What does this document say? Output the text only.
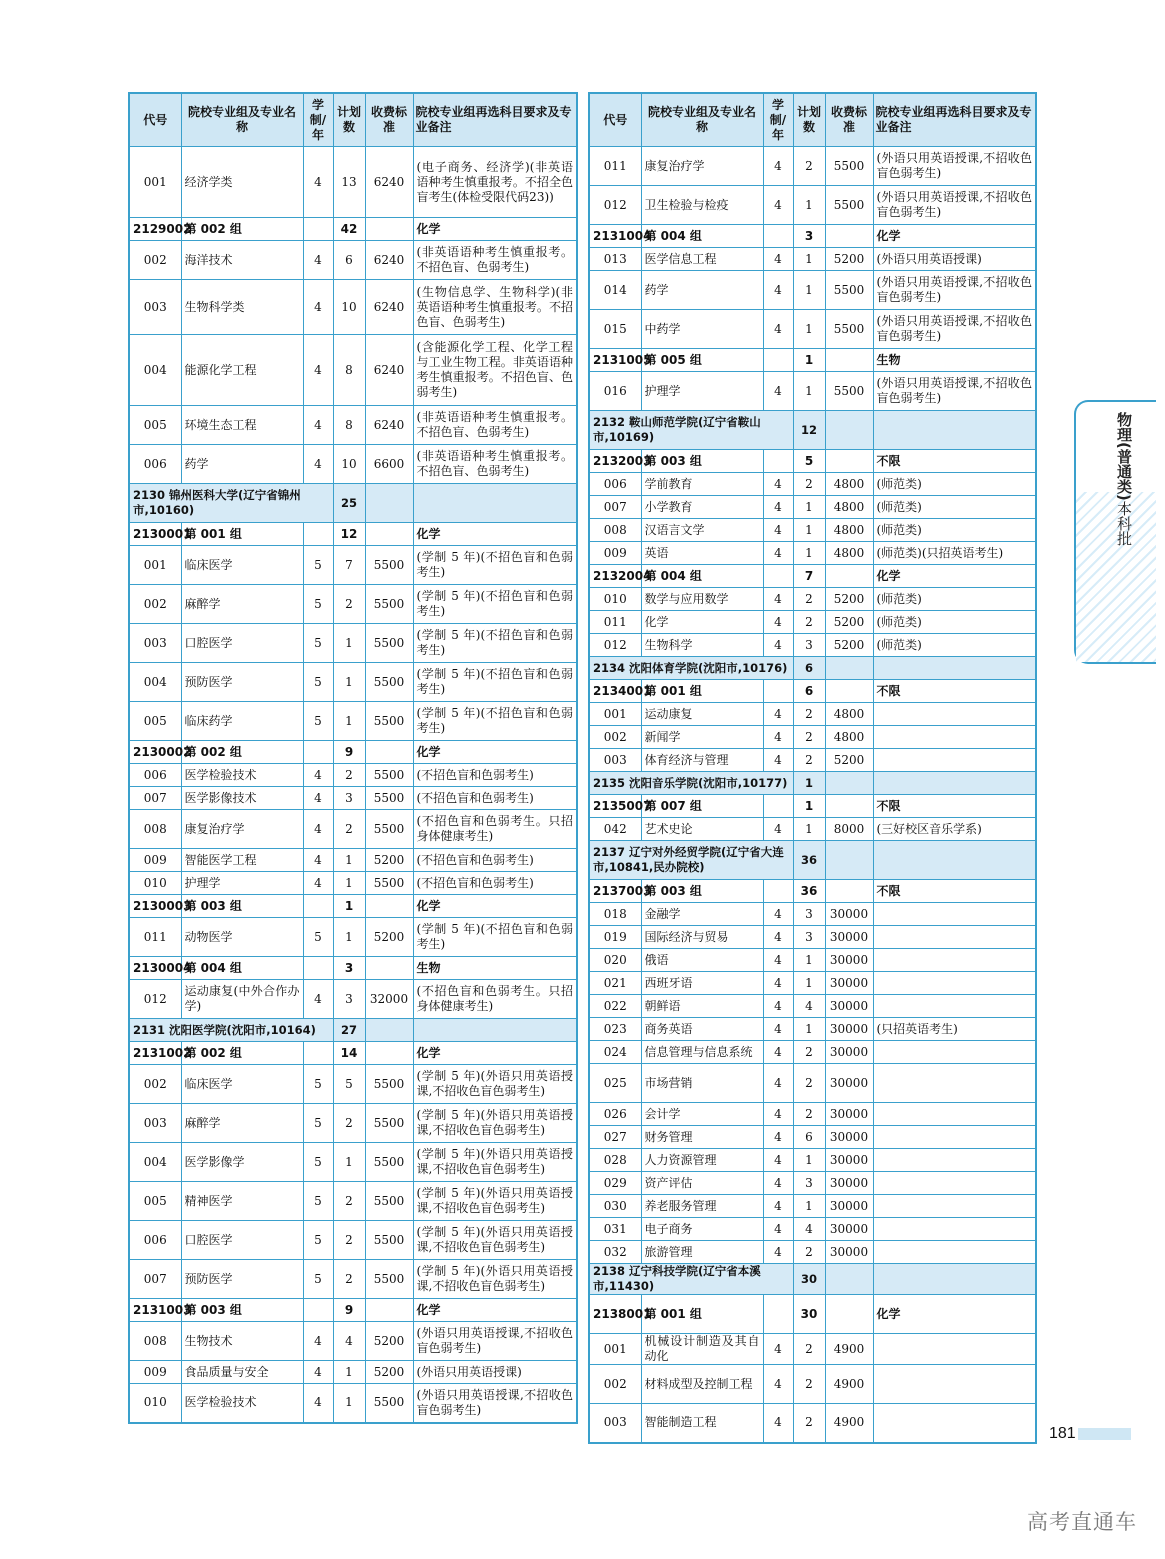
代号	院校专业组及专业名称	学制/年	计划数	收费标准	院校专业组再选科目要求及专业备注
001	经济学类	4	13	6240	(电子商务、经济学)(非英语语种考生慎重报考。不招全色盲考生(体检受限代码23))
2129002	第 002 组		42		化学
002	海洋技术	4	6	6240	(非英语语种考生慎重报考。不招色盲、色弱考生)
003	生物科学类	4	10	6240	(生物信息学、生物科学)(非英语语种考生慎重报考。不招色盲、色弱考生)
004	能源化学工程	4	8	6240	(含能源化学工程、化学工程与工业生物工程。非英语语种考生慎重报考。不招色盲、色弱考生)
005	环境生态工程	4	8	6240	(非英语语种考生慎重报考。不招色盲、色弱考生)
006	药学	4	10	6600	(非英语语种考生慎重报考。不招色盲、色弱考生)
2130 锦州医科大学(辽宁省锦州市,10160)			25		
2130001	第 001 组		12		化学
001	临床医学	5	7	5500	(学制 5 年)(不招色盲和色弱考生)
002	麻醉学	5	2	5500	(学制 5 年)(不招色盲和色弱考生)
003	口腔医学	5	1	5500	(学制 5 年)(不招色盲和色弱考生)
004	预防医学	5	1	5500	(学制 5 年)(不招色盲和色弱考生)
005	临床药学	5	1	5500	(学制 5 年)(不招色盲和色弱考生)
2130002	第 002 组		9		化学
006	医学检验技术	4	2	5500	(不招色盲和色弱考生)
007	医学影像技术	4	3	5500	(不招色盲和色弱考生)
008	康复治疗学	4	2	5500	(不招色盲和色弱考生。只招身体健康考生)
009	智能医学工程	4	1	5200	(不招色盲和色弱考生)
010	护理学	4	1	5500	(不招色盲和色弱考生)
2130003	第 003 组		1		化学
011	动物医学	5	1	5200	(学制 5 年)(不招色盲和色弱考生)
2130004	第 004 组		3		生物
012	运动康复(中外合作办学)	4	3	32000	(不招色盲和色弱考生。只招身体健康考生)
2131 沈阳医学院(沈阳市,10164)			27		
2131002	第 002 组		14		化学
002	临床医学	5	5	5500	(学制 5 年)(外语只用英语授课,不招收色盲色弱考生)
003	麻醉学	5	2	5500	(学制 5 年)(外语只用英语授课,不招收色盲色弱考生)
004	医学影像学	5	1	5500	(学制 5 年)(外语只用英语授课,不招收色盲色弱考生)
005	精神医学	5	2	5500	(学制 5 年)(外语只用英语授课,不招收色盲色弱考生)
006	口腔医学	5	2	5500	(学制 5 年)(外语只用英语授课,不招收色盲色弱考生)
007	预防医学	5	2	5500	(学制 5 年)(外语只用英语授课,不招收色盲色弱考生)
2131003	第 003 组		9		化学
008	生物技术	4	4	5200	(外语只用英语授课,不招收色盲色弱考生)
009	食品质量与安全	4	1	5200	(外语只用英语授课)
010	医学检验技术	4	1	5500	(外语只用英语授课,不招收色盲色弱考生)
代号	院校专业组及专业名称	学制/年	计划数	收费标准	院校专业组再选科目要求及专业备注
011	康复治疗学	4	2	5500	(外语只用英语授课,不招收色盲色弱考生)
012	卫生检验与检疫	4	1	5500	(外语只用英语授课,不招收色盲色弱考生)
2131004	第 004 组		3		化学
013	医学信息工程	4	1	5200	(外语只用英语授课)
014	药学	4	1	5500	(外语只用英语授课,不招收色盲色弱考生)
015	中药学	4	1	5500	(外语只用英语授课,不招收色盲色弱考生)
2131005	第 005 组		1		生物
016	护理学	4	1	5500	(外语只用英语授课,不招收色盲色弱考生)
2132 鞍山师范学院(辽宁省鞍山市,10169)			12		
2132003	第 003 组		5		不限
006	学前教育	4	2	4800	(师范类)
007	小学教育	4	1	4800	(师范类)
008	汉语言文学	4	1	4800	(师范类)
009	英语	4	1	4800	(师范类)(只招英语考生)
2132004	第 004 组		7		化学
010	数学与应用数学	4	2	5200	(师范类)
011	化学	4	2	5200	(师范类)
012	生物科学	4	3	5200	(师范类)
2134 沈阳体育学院(沈阳市,10176)			6		
2134001	第 001 组		6		不限
001	运动康复	4	2	4800	
002	新闻学	4	2	4800	
003	体育经济与管理	4	2	5200	
2135 沈阳音乐学院(沈阳市,10177)			1		
2135007	第 007 组		1		不限
042	艺术史论	4	1	8000	(三好校区音乐学系)
2137 辽宁对外经贸学院(辽宁省大连市,10841,民办院校)			36		
2137003	第 003 组		36		不限
018	金融学	4	3	30000	
019	国际经济与贸易	4	3	30000	
020	俄语	4	1	30000	
021	西班牙语	4	1	30000	
022	朝鲜语	4	4	30000	
023	商务英语	4	1	30000	(只招英语考生)
024	信息管理与信息系统	4	2	30000	
025	市场营销	4	2	30000	
026	会计学	4	2	30000	
027	财务管理	4	6	30000	
028	人力资源管理	4	1	30000	
029	资产评估	4	3	30000	
030	养老服务管理	4	1	30000	
031	电子商务	4	4	30000	
032	旅游管理	4	2	30000	
2138 辽宁科技学院(辽宁省本溪市,11430)			30		
2138001	第 001 组		30		化学
001	机械设计制造及其自动化	4	2	4900	
002	材料成型及控制工程	4	2	4900	
003	智能制造工程	4	2	4900	
物理(普通类)本科批
181
高考直通车
